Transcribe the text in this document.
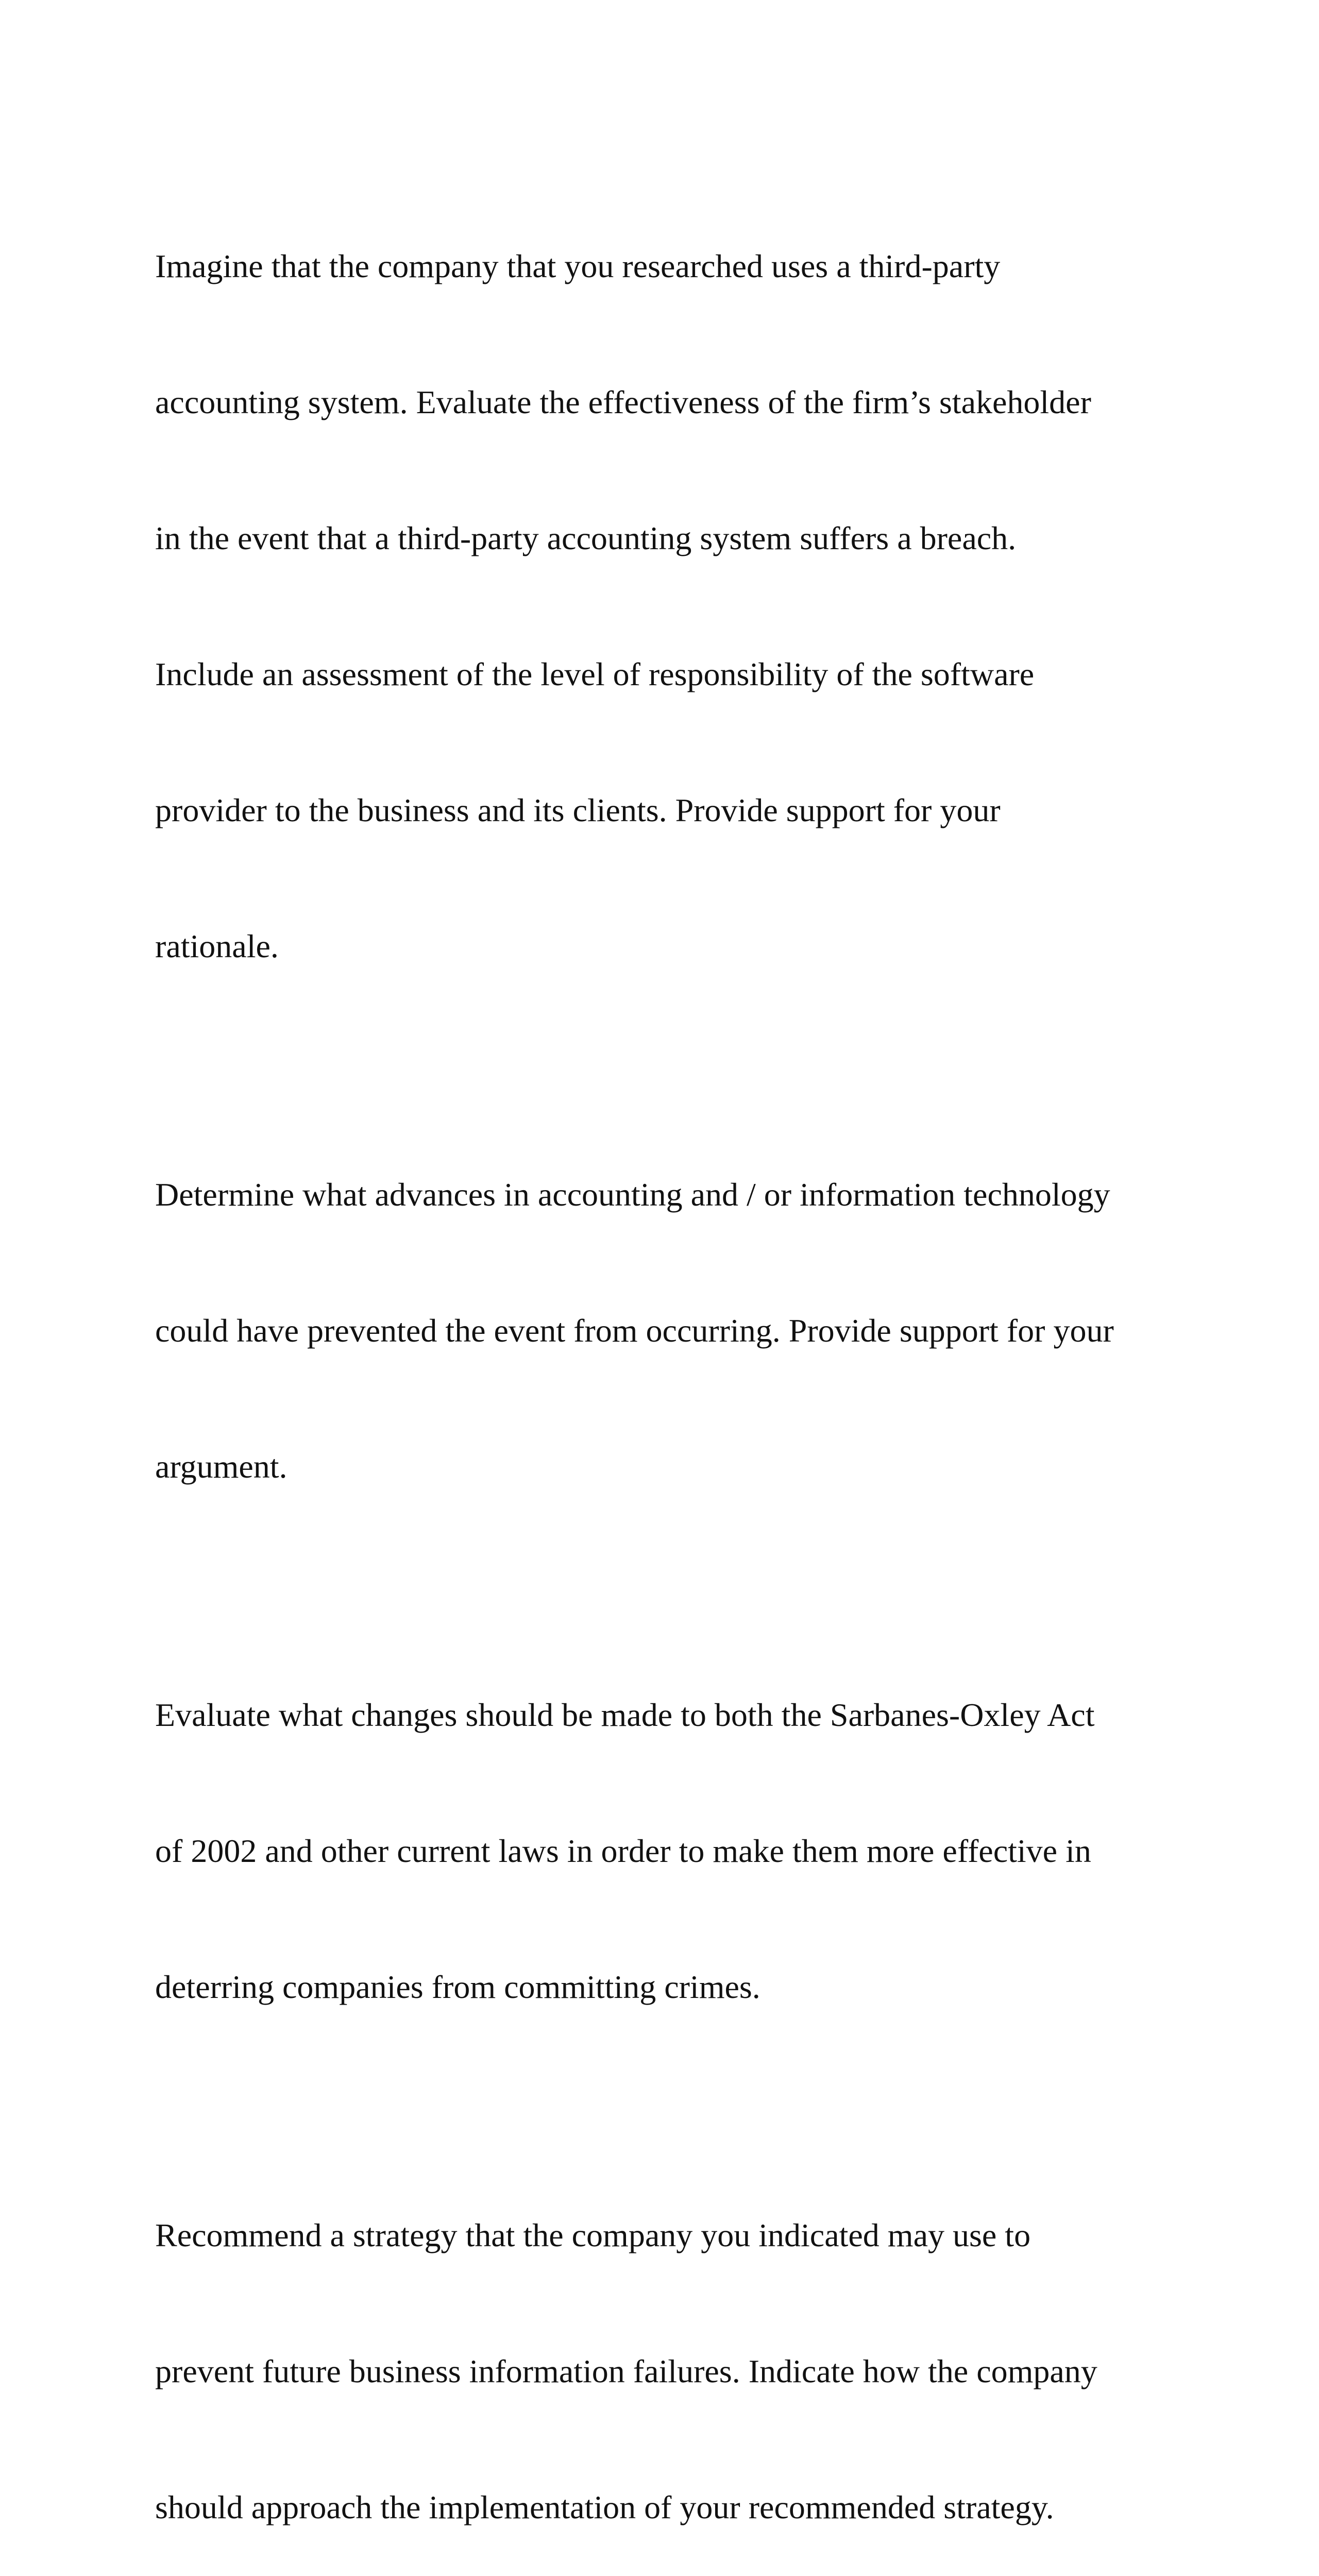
Imagine that the company that you researched uses a third-party

accounting system. Evaluate the effectiveness of the firm’s stakeholder

in the event that a third-party accounting system suffers a breach.

Include an assessment of the level of responsibility of the software

provider to the business and its clients. Provide support for your

rationale.

Determine what advances in accounting and / or information technology

could have prevented the event from occurring. Provide support for your

argument.

Evaluate what changes should be made to both the Sarbanes-Oxley Act

of 2002 and other current laws in order to make them more effective in

deterring companies from committing crimes.

Recommend a strategy that the company you indicated may use to

prevent future business information failures. Indicate how the company

should approach the implementation of your recommended strategy.
